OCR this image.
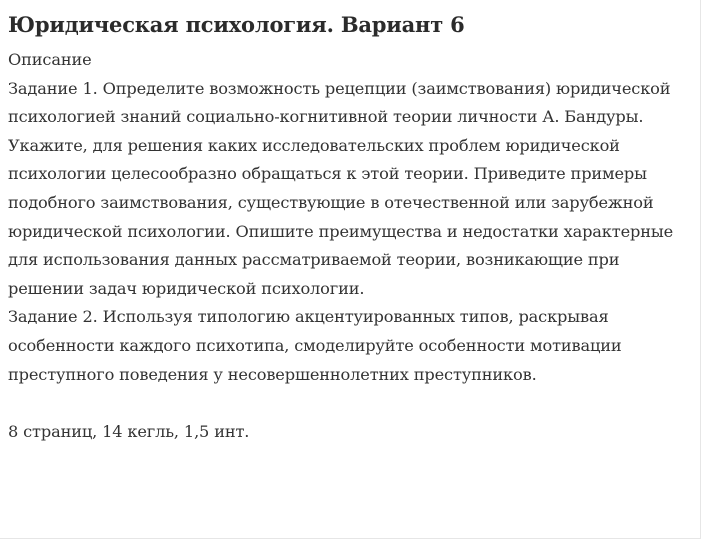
Юридическая психология. Вариант 6

Описание

Задание 1. Определите возможность рецепции (заимствования) юридической психологией знаний социально-когнитивной теории личности А. Бандуры. Укажите, для решения каких исследовательских проблем юридической психологии целесообразно обращаться к этой теории. Приведите примеры подобного заимствования, существующие в отечественной или зарубежной юридической психологии. Опишите преимущества и недостатки характерные для использования данных рассматриваемой теории, возникающие при решении задач юридической психологии.

Задание 2. Используя типологию акцентуированных типов, раскрывая особенности каждого психотипа, смоделируйте особенности мотивации преступного поведения у несовершеннолетних преступников.

8 страниц, 14 кегль, 1,5 инт.
